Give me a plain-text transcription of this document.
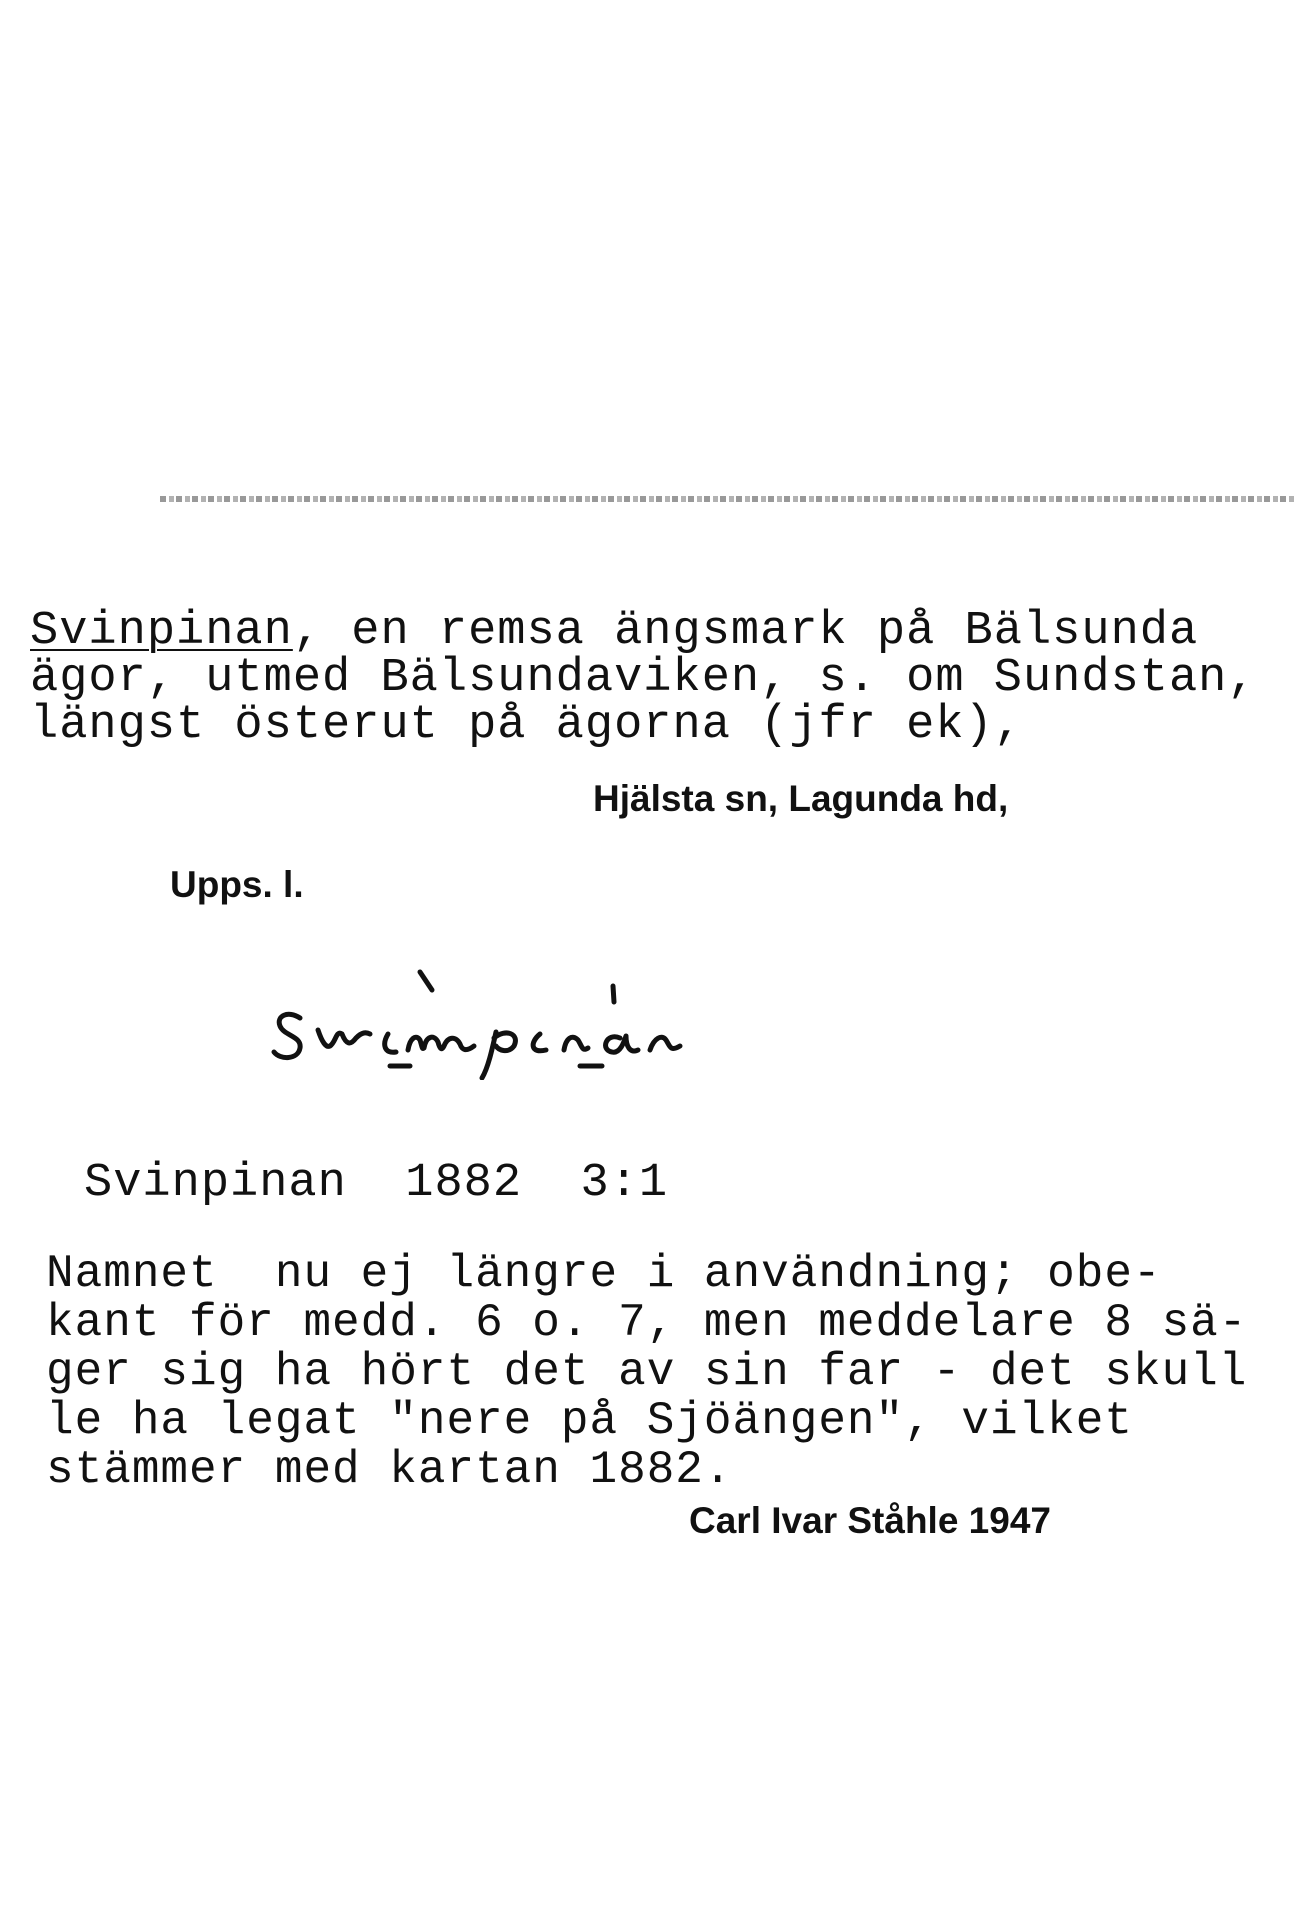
Svinpinan, en remsa ängsmark på Bälsunda
ägor, utmed Bälsundaviken, s. om Sundstan,
längst österut på ägorna (jfr ek),
Hjälsta sn, Lagunda hd,
Upps. l.
Svinpinan  1882  3:1
Namnet  nu ej längre i användning; obe-
kant för medd. 6 o. 7, men meddelare 8 sä-
ger sig ha hört det av sin far - det skull
le ha legat "nere på Sjöängen", vilket
stämmer med kartan 1882.
Carl Ivar Ståhle 1947
